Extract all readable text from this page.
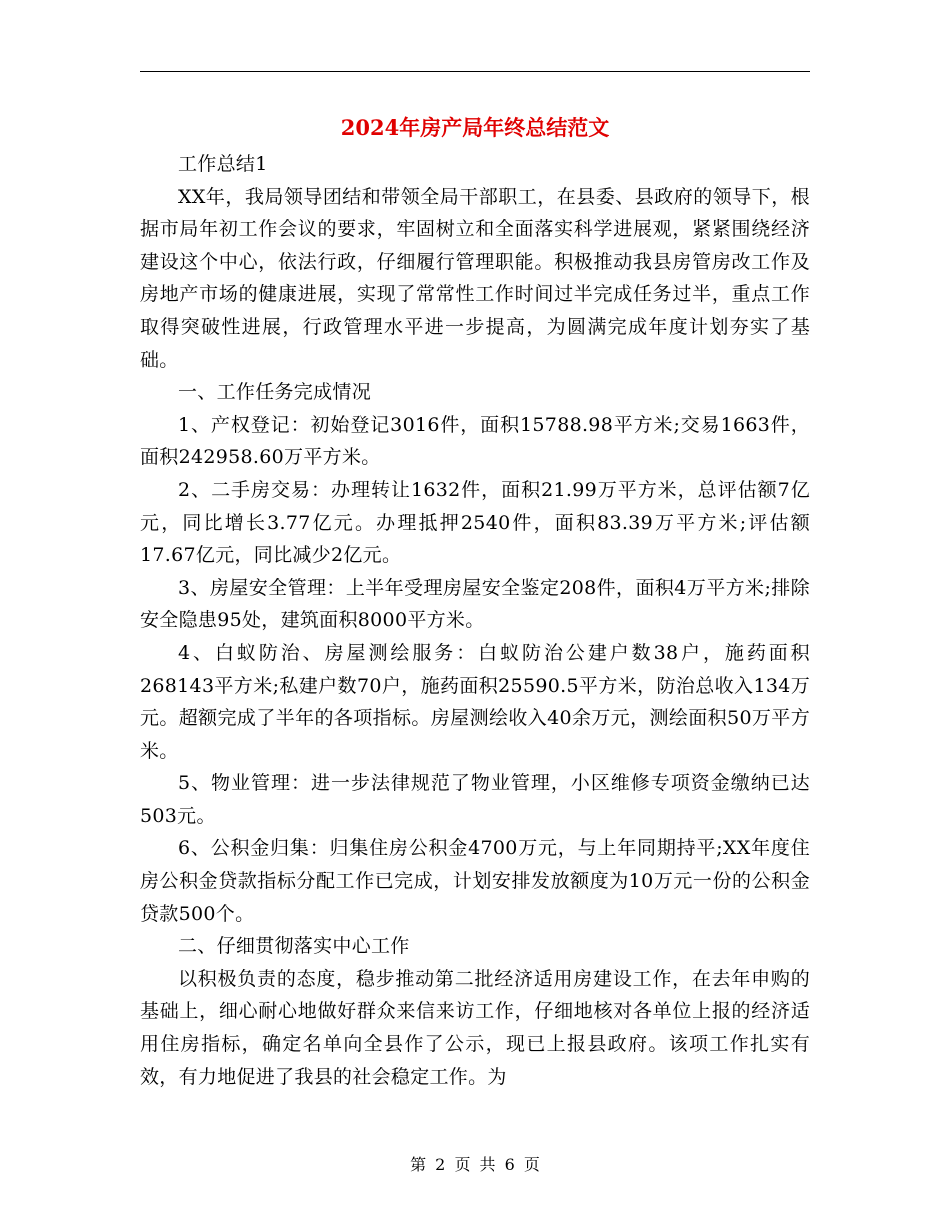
2024年房产局年终总结范文

工作总结1

XX年，我局领导团结和带领全局干部职工，在县委、县政府的领导下，根据市局年初工作会议的要求，牢固树立和全面落实科学进展观，紧紧围绕经济建设这个中心，依法行政，仔细履行管理职能。积极推动我县房管房改工作及房地产市场的健康进展，实现了常常性工作时间过半完成任务过半，重点工作取得突破性进展，行政管理水平进一步提高，为圆满完成年度计划夯实了基础。

一、工作任务完成情况

1、产权登记：初始登记3016件，面积15788.98平方米;交易1663件，面积242958.60万平方米。

2、二手房交易：办理转让1632件，面积21.99万平方米，总评估额7亿元，同比增长3.77亿元。办理抵押2540件，面积83.39万平方米;评估额17.67亿元，同比减少2亿元。

3、房屋安全管理：上半年受理房屋安全鉴定208件，面积4万平方米;排除安全隐患95处，建筑面积8000平方米。

4、白蚁防治、房屋测绘服务：白蚁防治公建户数38户，施药面积268143平方米;私建户数70户，施药面积25590.5平方米，防治总收入134万元。超额完成了半年的各项指标。房屋测绘收入40余万元，测绘面积50万平方米。

5、物业管理：进一步法律规范了物业管理，小区维修专项资金缴纳已达503元。

6、公积金归集：归集住房公积金4700万元，与上年同期持平;XX年度住房公积金贷款指标分配工作已完成，计划安排发放额度为10万元一份的公积金贷款500个。

二、仔细贯彻落实中心工作

以积极负责的态度，稳步推动第二批经济适用房建设工作，在去年申购的基础上，细心耐心地做好群众来信来访工作，仔细地核对各单位上报的经济适用住房指标，确定名单向全县作了公示，现已上报县政府。该项工作扎实有效，有力地促进了我县的社会稳定工作。为

第 2 页 共 6 页
